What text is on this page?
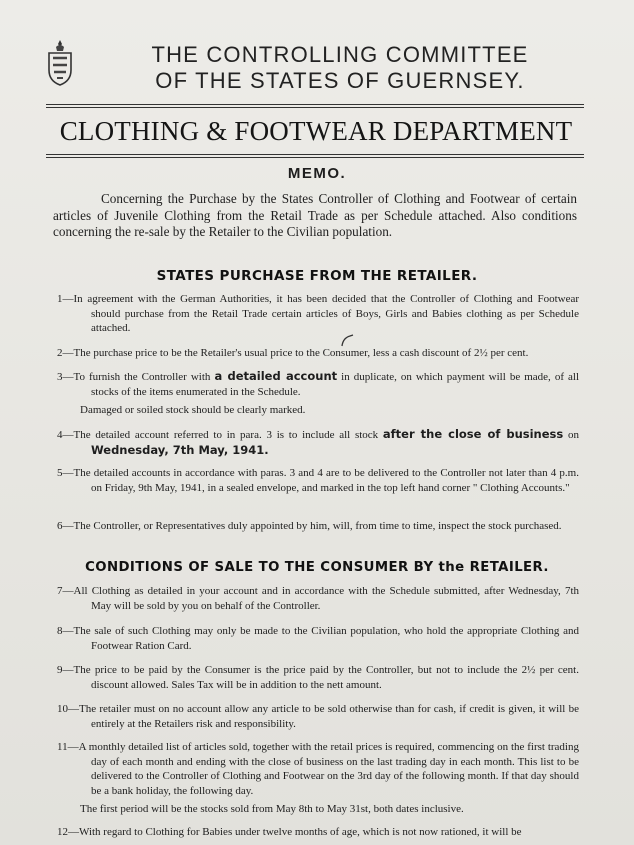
THE CONTROLLING COMMITTEE
OF THE STATES OF GUERNSEY.
CLOTHING & FOOTWEAR DEPARTMENT
MEMO.
Concerning the Purchase by the States Controller of Clothing and Footwear of certain articles of Juvenile Clothing from the Retail Trade as per Schedule attached. Also conditions concerning the re-sale by the Retailer to the Civilian population.
STATES PURCHASE FROM THE RETAILER.
1—In agreement with the German Authorities, it has been decided that the Controller of Clothing and Footwear should purchase from the Retail Trade certain articles of Boys, Girls and Babies clothing as per Schedule attached.
2—The purchase price to be the Retailer's usual price to the Consumer, less a cash discount of 2½ per cent.
3—To furnish the Controller with a detailed account in duplicate, on which payment will be made, of all stocks of the items enumerated in the Schedule.
Damaged or soiled stock should be clearly marked.
4—The detailed account referred to in para. 3 is to include all stock after the close of business on Wednesday, 7th May, 1941.
5—The detailed accounts in accordance with paras. 3 and 4 are to be delivered to the Controller not later than 4 p.m. on Friday, 9th May, 1941, in a sealed envelope, and marked in the top left hand corner " Clothing Accounts."
6—The Controller, or Representatives duly appointed by him, will, from time to time, inspect the stock purchased.
CONDITIONS OF SALE TO THE CONSUMER BY the RETAILER.
7—All Clothing as detailed in your account and in accordance with the Schedule submitted, after Wednesday, 7th May will be sold by you on behalf of the Controller.
8—The sale of such Clothing may only be made to the Civilian population, who hold the appropriate Clothing and Footwear Ration Card.
9—The price to be paid by the Consumer is the price paid by the Controller, but not to include the 2½ per cent. discount allowed. Sales Tax will be in addition to the nett amount.
10—The retailer must on no account allow any article to be sold otherwise than for cash, if credit is given, it will be entirely at the Retailers risk and responsibility.
11—A monthly detailed list of articles sold, together with the retail prices is required, commencing on the first trading day of each month and ending with the close of business on the last trading day in each month. This list to be delivered to the Controller of Clothing and Footwear on the 3rd day of the following month. If that day should be a bank holiday, the following day.
The first period will be the stocks sold from May 8th to May 31st, both dates inclusive.
12—With regard to Clothing for Babies under twelve months of age, which is not now rationed, it will be
